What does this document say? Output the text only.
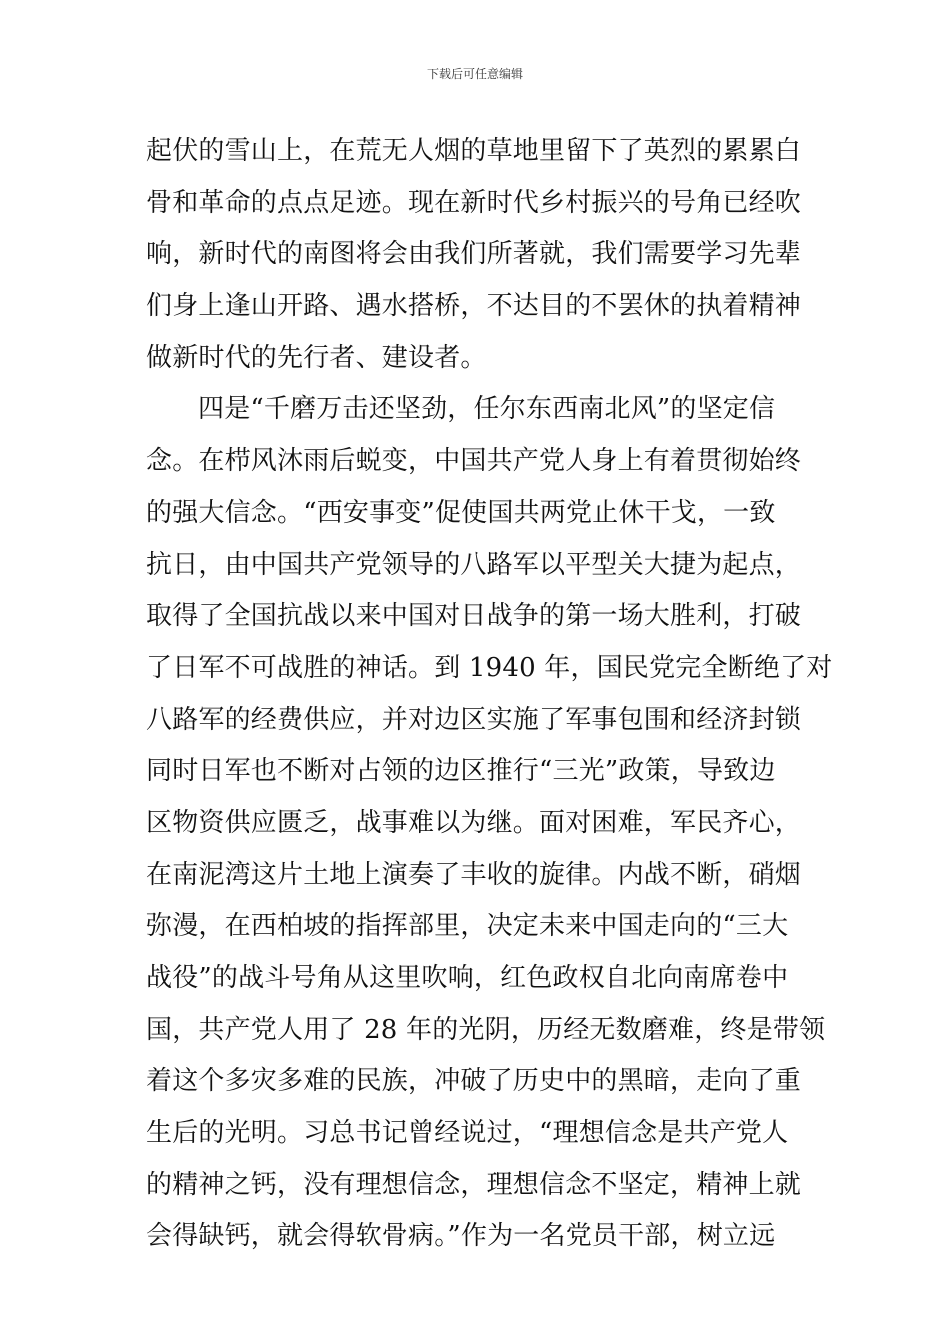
下载后可任意编辑
起伏的雪山上，在荒无人烟的草地里留下了英烈的累累白
骨和革命的点点足迹。现在新时代乡村振兴的号角已经吹
响，新时代的南图将会由我们所著就，我们需要学习先辈
们身上逢山开路、遇水搭桥，不达目的不罢休的执着精神
做新时代的先行者、建设者。
四是“千磨万击还坚劲，任尔东西南北风”的坚定信
念。在栉风沐雨后蜕变，中国共产党人身上有着贯彻始终
的强大信念。“西安事变”促使国共两党止休干戈，一致
抗日，由中国共产党领导的八路军以平型关大捷为起点，
取得了全国抗战以来中国对日战争的第一场大胜利，打破
了日军不可战胜的神话。到 1940 年，国民党完全断绝了对
八路军的经费供应，并对边区实施了军事包围和经济封锁
同时日军也不断对占领的边区推行“三光”政策，导致边
区物资供应匮乏，战事难以为继。面对困难，军民齐心，
在南泥湾这片土地上演奏了丰收的旋律。内战不断，硝烟
弥漫，在西柏坡的指挥部里，决定未来中国走向的“三大
战役”的战斗号角从这里吹响，红色政权自北向南席卷中
国，共产党人用了 28 年的光阴，历经无数磨难，终是带领
着这个多灾多难的民族，冲破了历史中的黑暗，走向了重
生后的光明。习总书记曾经说过，“理想信念是共产党人
的精神之钙，没有理想信念，理想信念不坚定，精神上就
会得缺钙，就会得软骨病。”作为一名党员干部，树立远
